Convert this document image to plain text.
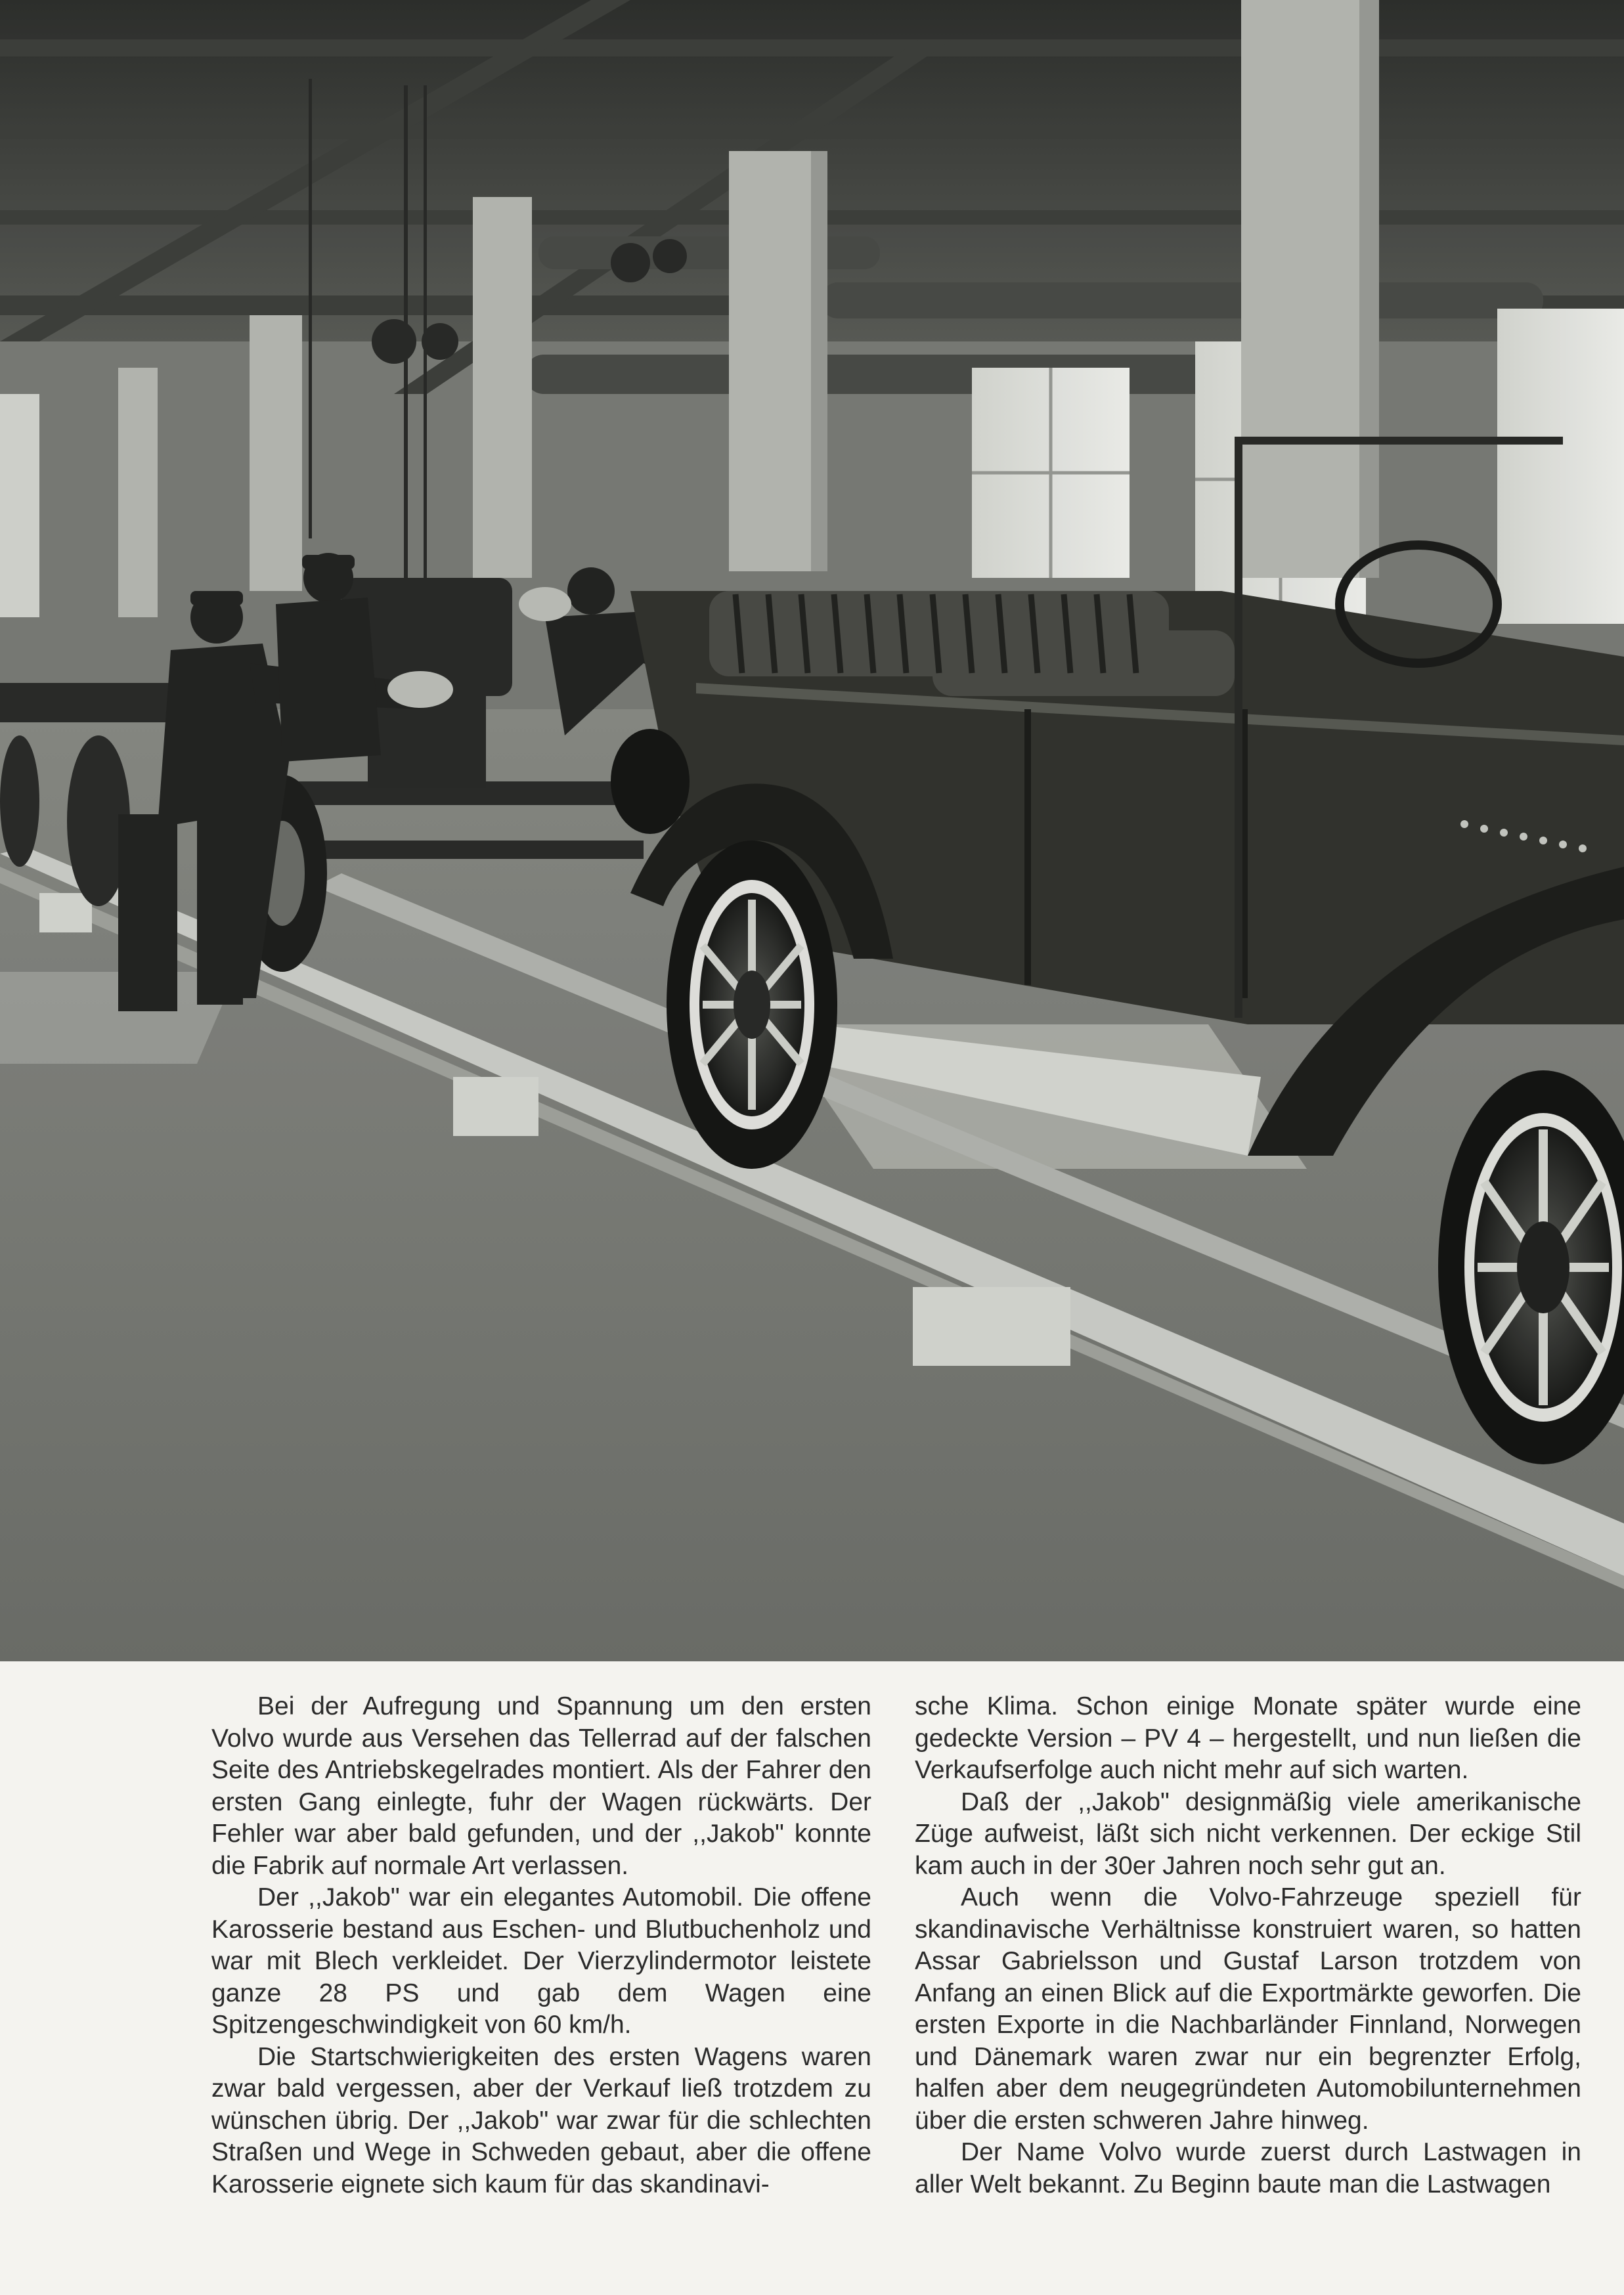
Bei der Aufregung und Spannung um den ersten Volvo wurde aus Versehen das Tellerrad auf der falschen Seite des Antriebskegelrades montiert. Als der Fahrer den ersten Gang einlegte, fuhr der Wagen rückwärts. Der Fehler war aber bald gefunden, und der ,,Jakob" konnte die Fabrik auf normale Art verlassen.

Der ,,Jakob" war ein elegantes Automobil. Die offene Karosserie bestand aus Eschen- und Blutbuchenholz und war mit Blech verkleidet. Der Vierzylindermotor leistete ganze 28 PS und gab dem Wagen eine Spitzengeschwindigkeit von 60 km/h.

Die Startschwierigkeiten des ersten Wagens waren zwar bald vergessen, aber der Verkauf ließ trotzdem zu wünschen übrig. Der ,,Jakob" war zwar für die schlechten Straßen und Wege in Schweden gebaut, aber die offene Karosserie eignete sich kaum für das skandinavi-

sche Klima. Schon einige Monate später wurde eine gedeckte Version – PV 4 – hergestellt, und nun ließen die Verkaufserfolge auch nicht mehr auf sich warten.

Daß der ,,Jakob" designmäßig viele amerikanische Züge aufweist, läßt sich nicht verkennen. Der eckige Stil kam auch in der 30er Jahren noch sehr gut an.

Auch wenn die Volvo-Fahrzeuge speziell für skandinavische Verhältnisse konstruiert waren, so hatten Assar Gabrielsson und Gustaf Larson trotzdem von Anfang an einen Blick auf die Exportmärkte geworfen. Die ersten Exporte in die Nachbarländer Finnland, Norwegen und Dänemark waren zwar nur ein begrenzter Erfolg, halfen aber dem neugegründeten Automobilunternehmen über die ersten schweren Jahre hinweg.

Der Name Volvo wurde zuerst durch Lastwagen in aller Welt bekannt. Zu Beginn baute man die Lastwagen
